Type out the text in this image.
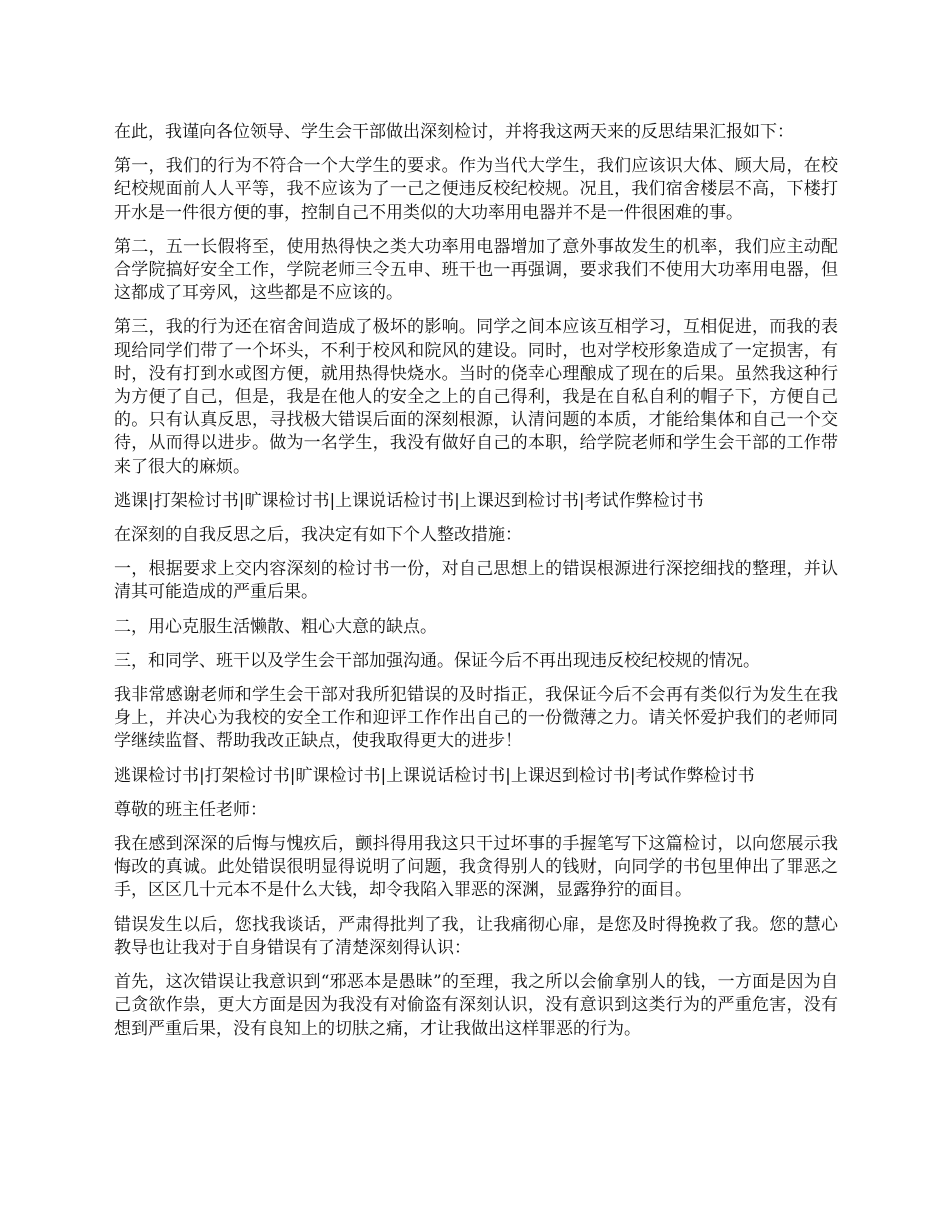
在此，我谨向各位领导、学生会干部做出深刻检讨，并将我这两天来的反思结果汇报如下：

第一，我们的行为不符合一个大学生的要求。作为当代大学生，我们应该识大体、顾大局，在校纪校规面前人人平等，我不应该为了一己之便违反校纪校规。况且，我们宿舍楼层不高，下楼打开水是一件很方便的事，控制自己不用类似的大功率用电器并不是一件很困难的事。

第二，五一长假将至，使用热得快之类大功率用电器增加了意外事故发生的机率，我们应主动配合学院搞好安全工作，学院老师三令五申、班干也一再强调，要求我们不使用大功率用电器，但这都成了耳旁风，这些都是不应该的。

第三，我的行为还在宿舍间造成了极坏的影响。同学之间本应该互相学习，互相促进，而我的表现给同学们带了一个坏头，不利于校风和院风的建设。同时，也对学校形象造成了一定损害，有时，没有打到水或图方便，就用热得快烧水。当时的侥幸心理酿成了现在的后果。虽然我这种行为方便了自己，但是，我是在他人的安全之上的自己得利，我是在自私自利的帽子下，方便自己的。只有认真反思，寻找极大错误后面的深刻根源，认清问题的本质，才能给集体和自己一个交待，从而得以进步。做为一名学生，我没有做好自己的本职，给学院老师和学生会干部的工作带来了很大的麻烦。

逃课|打架检讨书|旷课检讨书|上课说话检讨书|上课迟到检讨书|考试作弊检讨书

在深刻的自我反思之后，我决定有如下个人整改措施：

一，根据要求上交内容深刻的检讨书一份，对自己思想上的错误根源进行深挖细找的整理，并认清其可能造成的严重后果。

二，用心克服生活懒散、粗心大意的缺点。

三，和同学、班干以及学生会干部加强沟通。保证今后不再出现违反校纪校规的情况。

我非常感谢老师和学生会干部对我所犯错误的及时指正，我保证今后不会再有类似行为发生在我身上，并决心为我校的安全工作和迎评工作作出自己的一份微薄之力。请关怀爱护我们的老师同学继续监督、帮助我改正缺点，使我取得更大的进步！

逃课检讨书|打架检讨书|旷课检讨书|上课说话检讨书|上课迟到检讨书|考试作弊检讨书

尊敬的班主任老师：

我在感到深深的后悔与愧疚后，颤抖得用我这只干过坏事的手握笔写下这篇检讨，以向您展示我悔改的真诚。此处错误很明显得说明了问题，我贪得别人的钱财，向同学的书包里伸出了罪恶之手，区区几十元本不是什么大钱，却令我陷入罪恶的深渊，显露狰狞的面目。

错误发生以后，您找我谈话，严肃得批判了我，让我痛彻心扉，是您及时得挽救了我。您的慧心教导也让我对于自身错误有了清楚深刻得认识：

首先，这次错误让我意识到“邪恶本是愚昧”的至理，我之所以会偷拿别人的钱，一方面是因为自己贪欲作祟，更大方面是因为我没有对偷盗有深刻认识，没有意识到这类行为的严重危害，没有想到严重后果，没有良知上的切肤之痛，才让我做出这样罪恶的行为。
